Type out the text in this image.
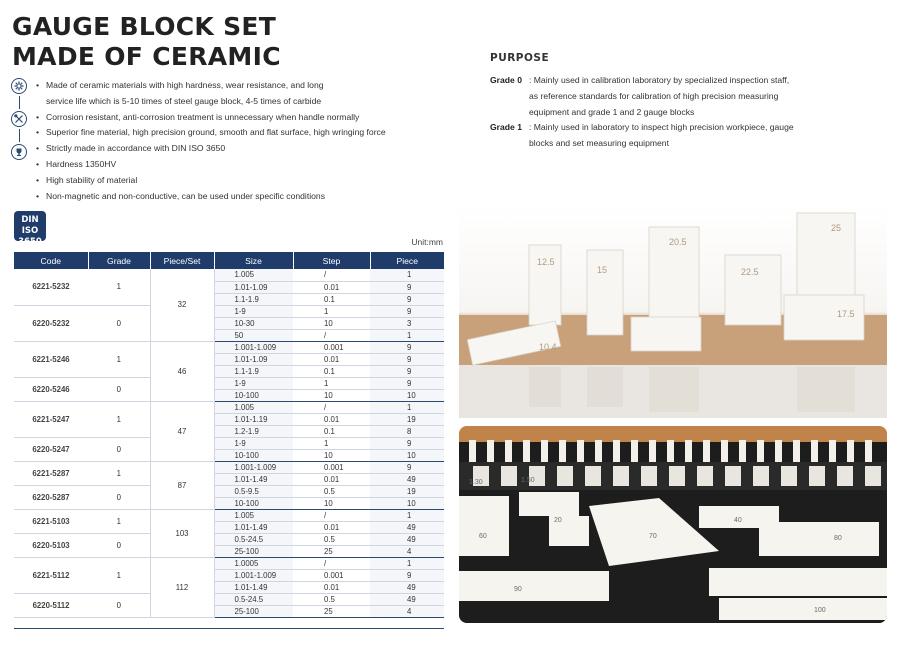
GAUGE BLOCK SET
MADE OF CERAMIC
• Made of ceramic materials with high hardness, wear resistance, and long
service life which is 5-10 times of steel gauge block, 4-5 times of carbide
• Corrosion resistant, anti-corrosion treatment is unnecessary when handle normally
• Superior fine material, high precision ground, smooth and flat surface, high wringing force
• Strictly made in accordance with DIN ISO 3650
• Hardness 1350HV
• High stability of material
• Non-magnetic and non-conductive, can be used under specific conditions
DIN ISO
3650	Unit:mm
PURPOSE
Grade 0 : Mainly used in calibration laboratory by specialized inspection staff,
as reference standards for calibration of high precision measuring
equipment and grade 1 and 2 gauge blocks
Grade 1 : Mainly used in laboratory to inspect high precision workpiece, gauge
blocks and set measuring equipment
Code	Grade	Piece/Set	Size	Step	Piece
6221-5232	1	32	1.005	/	1
			1.01-1.09	0.01	9
			1.1-1.9	0.1	9
6220-5232	0		1-9	1	9
			10-30	10	3
			50	/	1
6221-5246	1	46	1.001-1.009	0.001	9
			1.01-1.09	0.01	9
			1.1-1.9	0.1	9
6220-5246	0		1-9	1	9
			10-100	10	10
6221-5247	1	47	1.005	/	1
			1.01-1.19	0.01	19
			1.2-1.9	0.1	8
6220-5247	0		1-9	1	9
			10-100	10	10
6221-5287	1	87	1.001-1.009	0.001	9
			1.01-1.49	0.01	49
6220-5287	0		0.5-9.5	0.5	19
			10-100	10	10
6221-5103	1	103	1.005	/	1
			1.01-1.49	0.01	49
6220-5103	0		0.5-24.5	0.5	49
			25-100	25	4
6221-5112	1	112	1.0005	/	1
			1.001-1.009	0.001	9
			1.01-1.49	0.01	49
6220-5112	0		0.5-24.5	0.5	49
			25-100	25	4
12.5
15
20.5
22.5
25
10.4
17.5
20	40
60	70	80
90
100
1.30	1.50
